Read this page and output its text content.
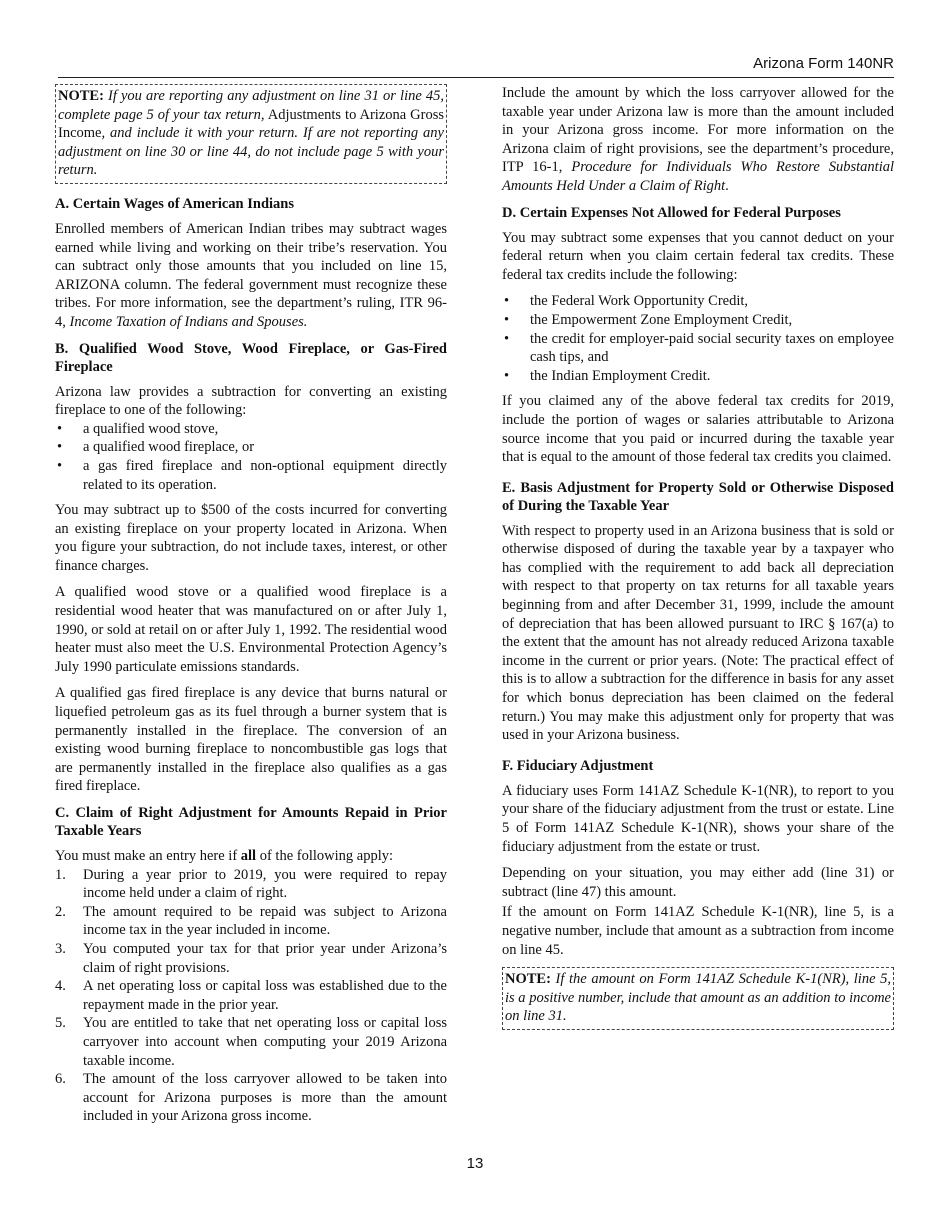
Arizona Form 140NR
NOTE: If you are reporting any adjustment on line 31 or line 45, complete page 5 of your tax return, Adjustments to Arizona Gross Income, and include it with your return. If are not reporting any adjustment on line 30 or line 44, do not include page 5 with your return.
A. Certain Wages of American Indians

Enrolled members of American Indian tribes may subtract wages earned while living and working on their tribe’s reservation. You can subtract only those amounts that you included on line 15, ARIZONA column. The federal government must recognize these tribes. For more information, see the department’s ruling, ITR 96-4, Income Taxation of Indians and Spouses.

B. Qualified Wood Stove, Wood Fireplace, or Gas-Fired Fireplace

Arizona law provides a subtraction for converting an existing fireplace to one of the following:

• a qualified wood stove,
• a qualified wood fireplace, or
• a gas fired fireplace and non-optional equipment directly related to its operation.

You may subtract up to $500 of the costs incurred for converting an existing fireplace on your property located in Arizona. When you figure your subtraction, do not include taxes, interest, or other finance charges.

A qualified wood stove or a qualified wood fireplace is a residential wood heater that was manufactured on or after July 1, 1990, or sold at retail on or after July 1, 1992. The residential wood heater must also meet the U.S. Environmental Protection Agency’s July 1990 particulate emissions standards.

A qualified gas fired fireplace is any device that burns natural or liquefied petroleum gas as its fuel through a burner system that is permanently installed in the fireplace. The conversion of an existing wood burning fireplace to noncombustible gas logs that are permanently installed in the fireplace also qualifies as a gas fired fireplace.

C. Claim of Right Adjustment for Amounts Repaid in Prior Taxable Years

You must make an entry here if all of the following apply:

1. During a year prior to 2019, you were required to repay income held under a claim of right.
2. The amount required to be repaid was subject to Arizona income tax in the year included in income.
3. You computed your tax for that prior year under Arizona’s claim of right provisions.
4. A net operating loss or capital loss was established due to the repayment made in the prior year.
5. You are entitled to take that net operating loss or capital loss carryover into account when computing your 2019 Arizona taxable income.
6. The amount of the loss carryover allowed to be taken into account for Arizona purposes is more than the amount included in your Arizona gross income.

Include the amount by which the loss carryover allowed for the taxable year under Arizona law is more than the amount included in your Arizona gross income. For more information on the Arizona claim of right provisions, see the department’s procedure, ITP 16-1, Procedure for Individuals Who Restore Substantial Amounts Held Under a Claim of Right.

D. Certain Expenses Not Allowed for Federal Purposes

You may subtract some expenses that you cannot deduct on your federal return when you claim certain federal tax credits. These federal tax credits include the following:

• the Federal Work Opportunity Credit,
• the Empowerment Zone Employment Credit,
• the credit for employer-paid social security taxes on employee cash tips, and
• the Indian Employment Credit.

If you claimed any of the above federal tax credits for 2019, include the portion of wages or salaries attributable to Arizona source income that you paid or incurred during the taxable year that is equal to the amount of those federal tax credits you claimed.

E. Basis Adjustment for Property Sold or Otherwise Disposed of During the Taxable Year

With respect to property used in an Arizona business that is sold or otherwise disposed of during the taxable year by a taxpayer who has complied with the requirement to add back all depreciation with respect to that property on tax returns for all taxable years beginning from and after December 31, 1999, include the amount of depreciation that has been allowed pursuant to IRC § 167(a) to the extent that the amount has not already reduced Arizona taxable income in the current or prior years. (Note: The practical effect of this is to allow a subtraction for the difference in basis for any asset for which bonus depreciation has been claimed on the federal return.) You may make this adjustment only for property that was used in your Arizona business.

F. Fiduciary Adjustment

A fiduciary uses Form 141AZ Schedule K-1(NR), to report to you your share of the fiduciary adjustment from the trust or estate. Line 5 of Form 141AZ Schedule K-1(NR), shows your share of the fiduciary adjustment from the estate or trust.

Depending on your situation, you may either add (line 31) or subtract (line 47) this amount.

If the amount on Form 141AZ Schedule K-1(NR), line 5, is a negative number, include that amount as a subtraction from income on line 45.

NOTE: If the amount on Form 141AZ Schedule K-1(NR), line 5, is a positive number, include that amount as an addition to income on line 31.
13
